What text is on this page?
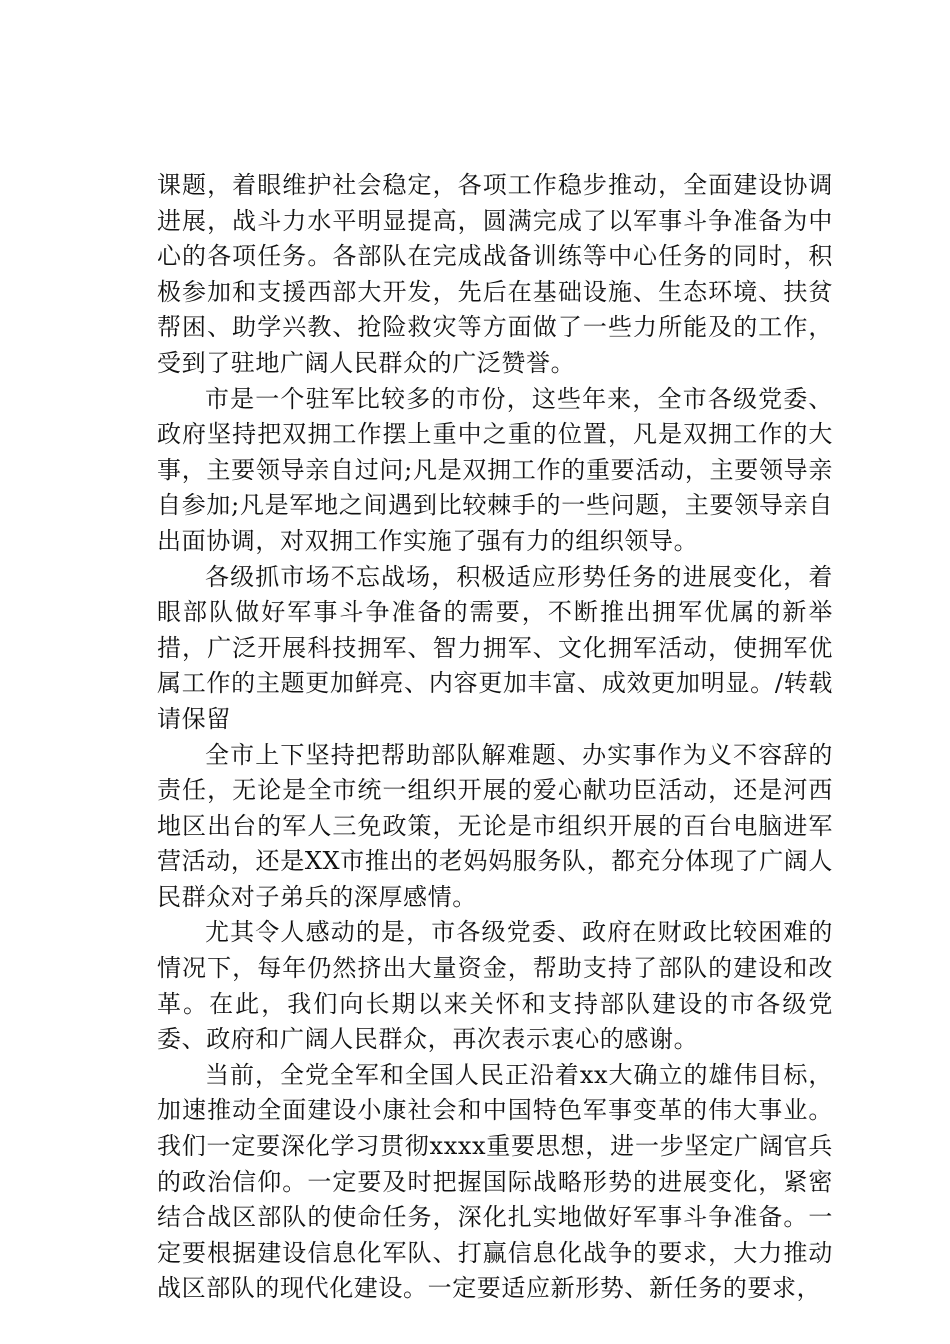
课题，着眼维护社会稳定，各项工作稳步推动，全面建设协调进展，战斗力水平明显提高，圆满完成了以军事斗争准备为中心的各项任务。各部队在完成战备训练等中心任务的同时，积极参加和支援西部大开发，先后在基础设施、生态环境、扶贫帮困、助学兴教、抢险救灾等方面做了一些力所能及的工作，受到了驻地广阔人民群众的广泛赞誉。

市是一个驻军比较多的市份，这些年来，全市各级党委、政府坚持把双拥工作摆上重中之重的位置，凡是双拥工作的大事，主要领导亲自过问;凡是双拥工作的重要活动，主要领导亲自参加;凡是军地之间遇到比较棘手的一些问题，主要领导亲自出面协调，对双拥工作实施了强有力的组织领导。

各级抓市场不忘战场，积极适应形势任务的进展变化，着眼部队做好军事斗争准备的需要，不断推出拥军优属的新举措，广泛开展科技拥军、智力拥军、文化拥军活动，使拥军优属工作的主题更加鲜亮、内容更加丰富、成效更加明显。/转载请保留

全市上下坚持把帮助部队解难题、办实事作为义不容辞的责任，无论是全市统一组织开展的爱心献功臣活动，还是河西地区出台的军人三免政策，无论是市组织开展的百台电脑进军营活动，还是XX市推出的老妈妈服务队，都充分体现了广阔人民群众对子弟兵的深厚感情。

尤其令人感动的是，市各级党委、政府在财政比较困难的情况下，每年仍然挤出大量资金，帮助支持了部队的建设和改革。在此，我们向长期以来关怀和支持部队建设的市各级党委、政府和广阔人民群众，再次表示衷心的感谢。

当前，全党全军和全国人民正沿着xx大确立的雄伟目标，加速推动全面建设小康社会和中国特色军事变革的伟大事业。我们一定要深化学习贯彻xxxx重要思想，进一步坚定广阔官兵的政治信仰。一定要及时把握国际战略形势的进展变化，紧密结合战区部队的使命任务，深化扎实地做好军事斗争准备。一定要根据建设信息化军队、打赢信息化战争的要求，大力推动战区部队的现代化建设。一定要适应新形势、新任务的要求，
